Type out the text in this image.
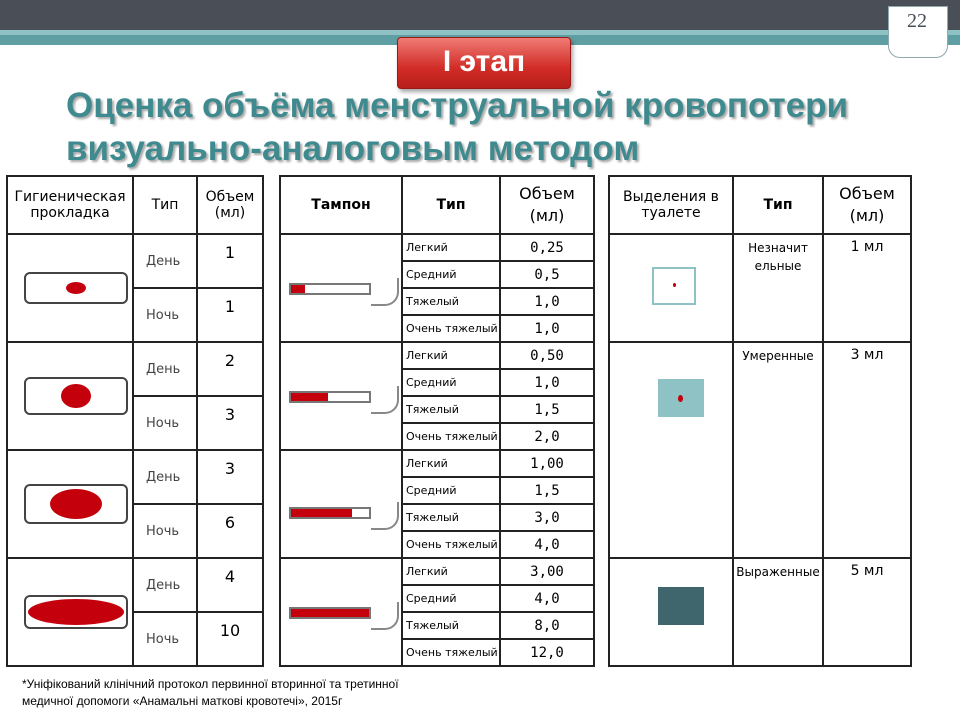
22
I этап
Оценка объёма менструальной кровопотери
визуально-аналоговым методом
Гигиеническая прокладка	Тип	Объем (мл)

	День	1
	Ночь	1

	День	2
	Ночь	3

	День	3
	Ночь	6

	День	4
	Ночь	10
Тампон	Тип	Объем (мл)

	Легкий	0,25
	Средний	0,5
	Тяжелый	1,0
	Очень тяжелый	1,0

	Легкий	0,50
	Средний	1,0
	Тяжелый	1,5
	Очень тяжелый	2,0

	Легкий	1,00
	Средний	1,5
	Тяжелый	3,0
	Очень тяжелый	4,0

	Легкий	3,00
	Средний	4,0
	Тяжелый	8,0
	Очень тяжелый	12,0
Выделения в туалете	Тип	Объем (мл)

	Незначительные	1 мл

	Умеренные	3 мл

	Выраженные	5 мл
*Уніфікований клінічний протокол первинної вторинної та третинної
медичної допомоги «Анамальні маткові кровотечі», 2015г
